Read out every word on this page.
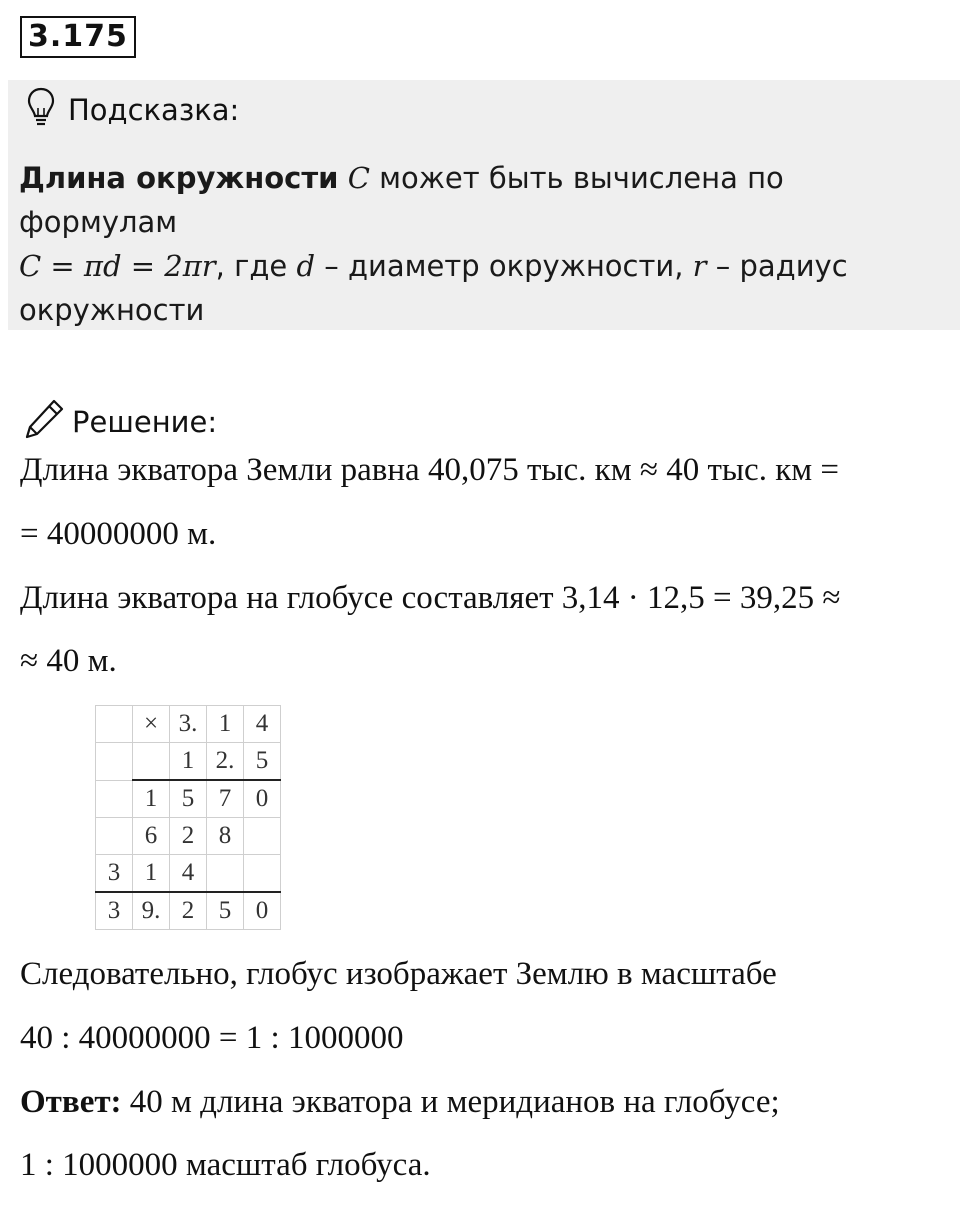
3.175
Подсказка:
Длина окружности C может быть вычислена по формулам
C = πd = 2πr, где d – диаметр окружности, r – радиус
окружности
Решение:
Длина экватора Земли равна 40,075 тыс. км ≈ 40 тыс. км =
= 40000000 м.
Длина экватора на глобусе составляет 3,14 · 12,5 = 39,25 ≈
≈ 40 м.
	×	3.	1	4
		1	2.	5
	1	5	7	0
	6	2	8	
3	1	4		
3	9.	2	5	0
Следовательно, глобус изображает Землю в масштабе
40 : 40000000 = 1 : 1000000
Ответ: 40 м длина экватора и меридианов на глобусе;
1 : 1000000 масштаб глобуса.
